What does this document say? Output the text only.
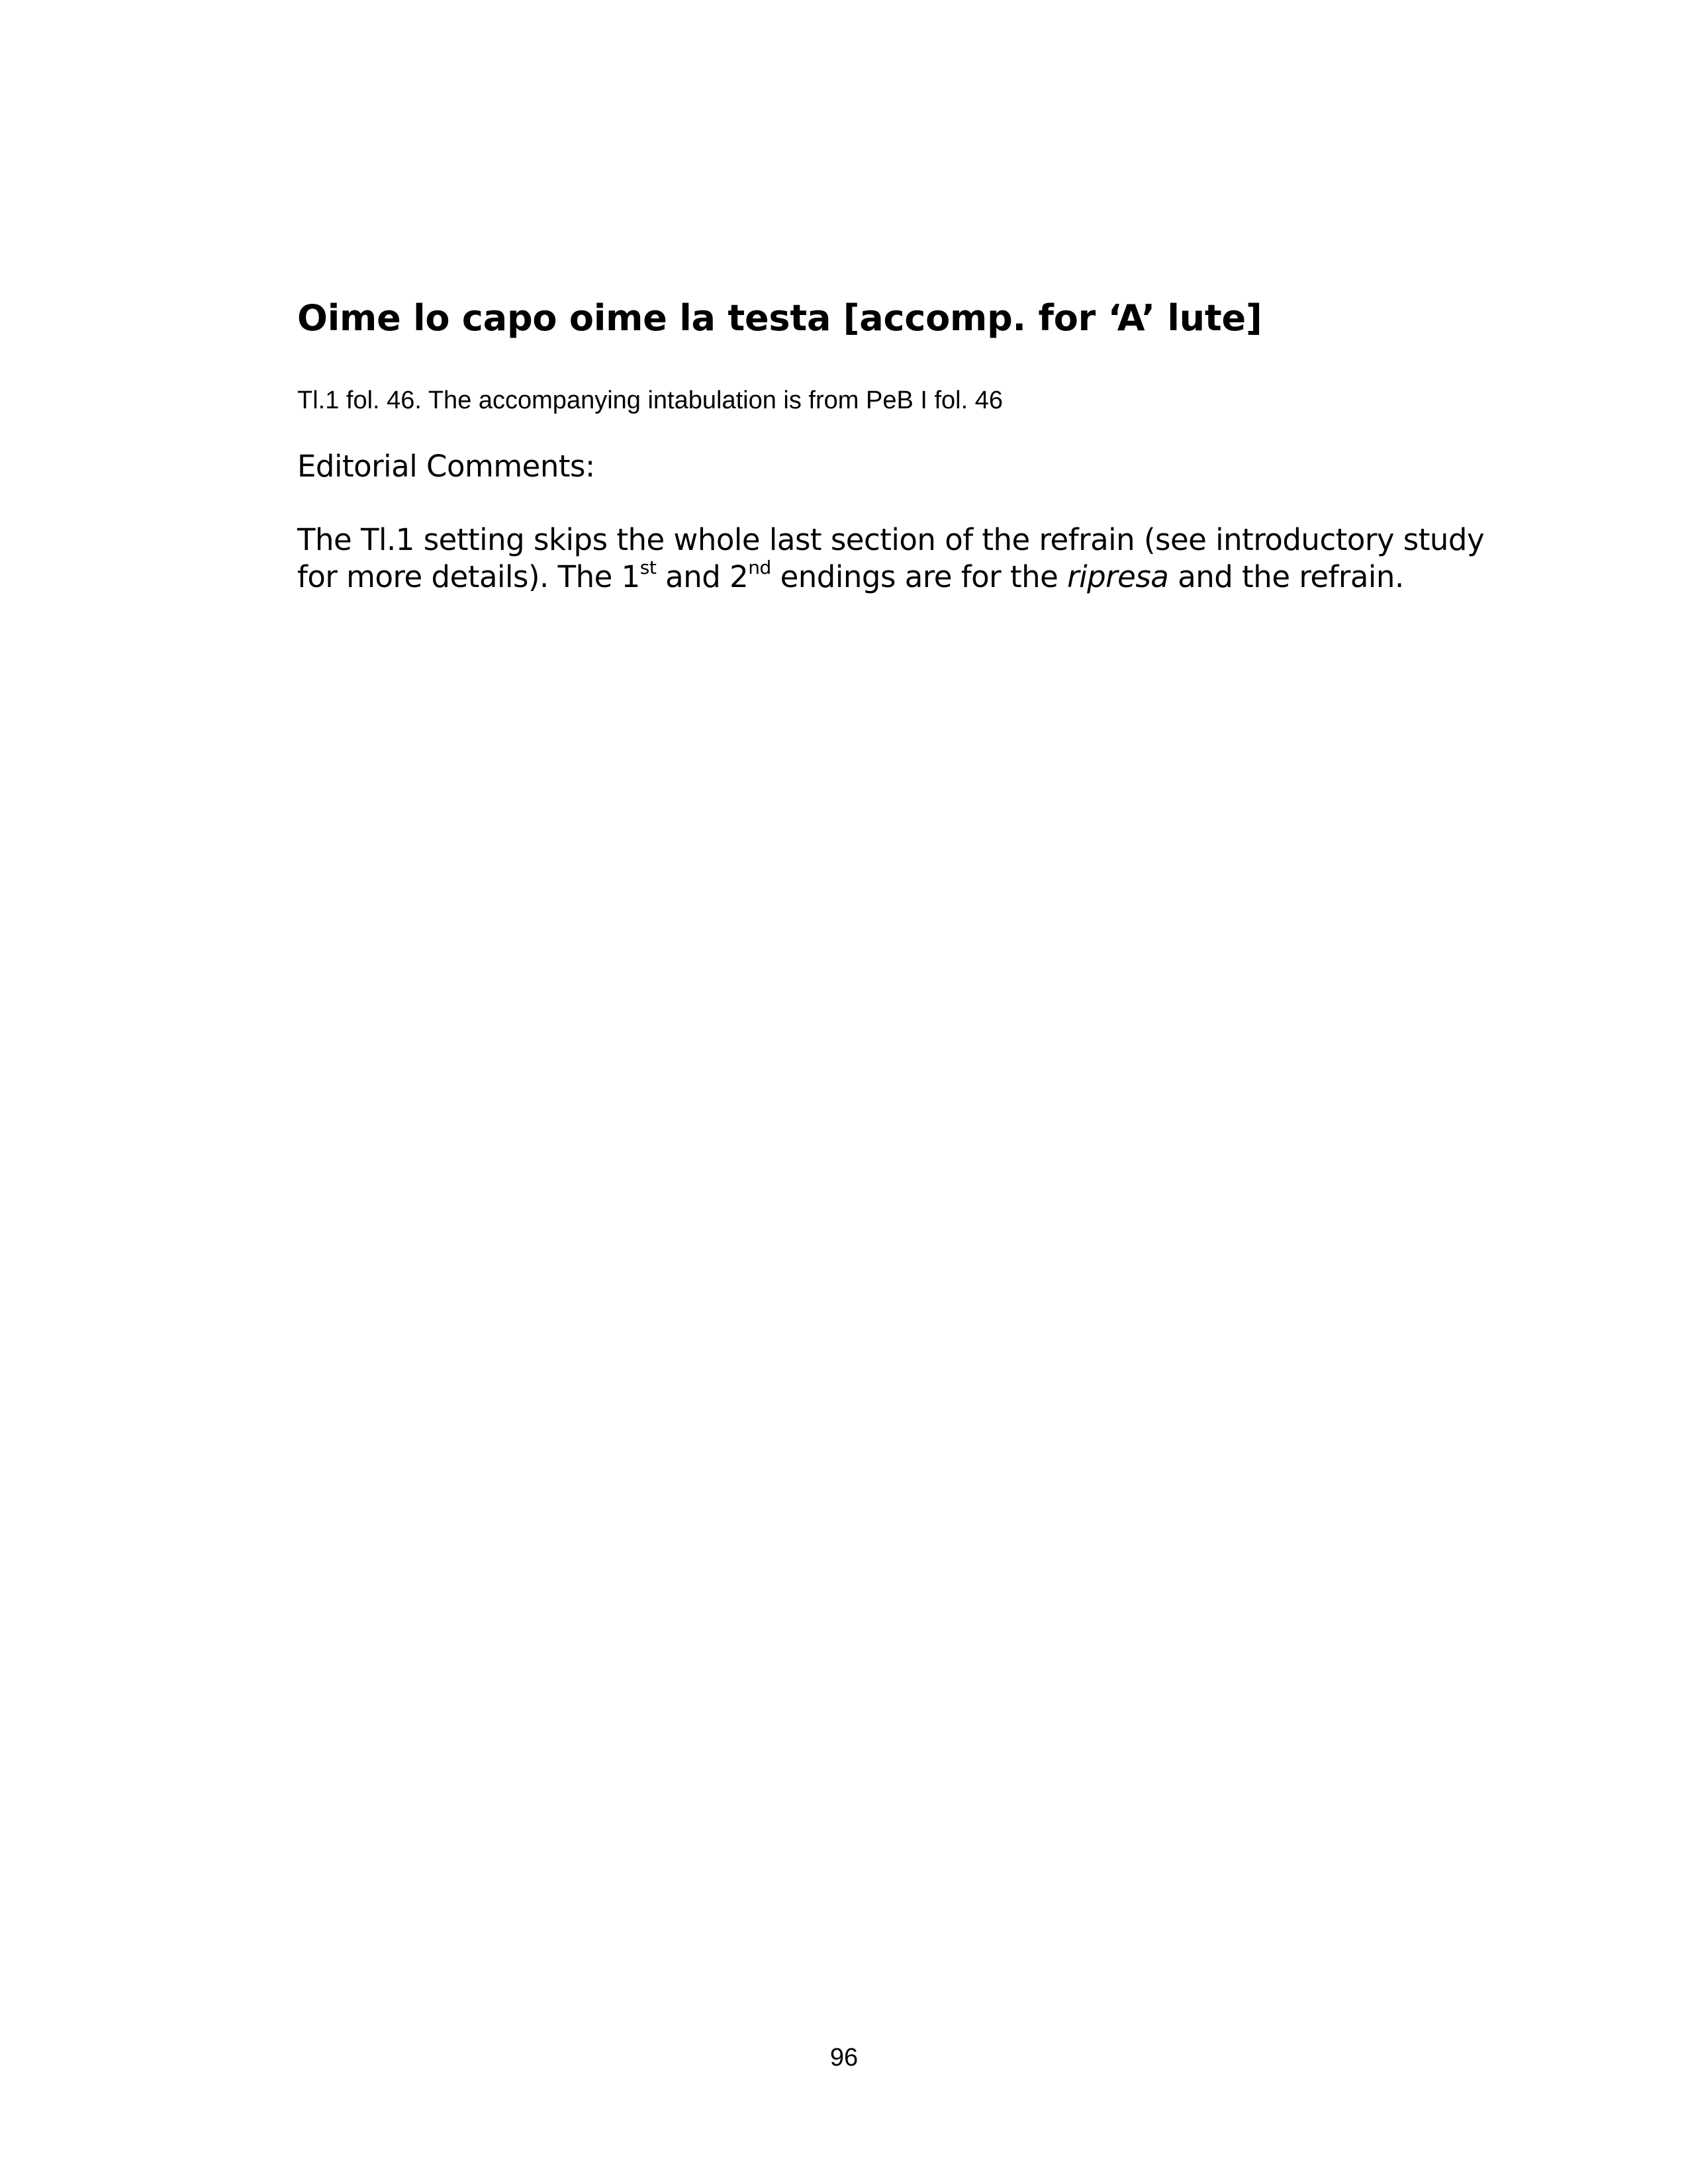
Oime lo capo oime la testa [accomp. for ‘A’ lute]

Tl.1 fol. 46. The accompanying intabulation is from PeB I fol. 46

Editorial Comments:

The Tl.1 setting skips the whole last section of the refrain (see introductory study
for more details). The 1st and 2nd endings are for the ripresa and the refrain.

96
